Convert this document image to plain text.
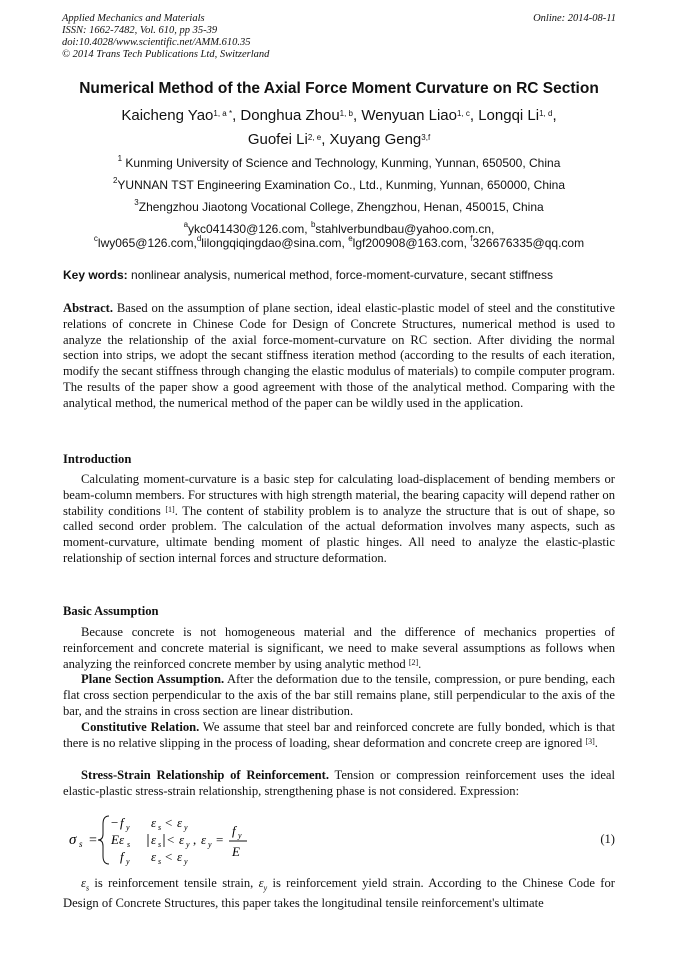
Applied Mechanics and Materials
ISSN: 1662-7482, Vol. 610, pp 35-39
doi:10.4028/www.scientific.net/AMM.610.35
© 2014 Trans Tech Publications Ltd, Switzerland
Online: 2014-08-11
Numerical Method of the Axial Force Moment Curvature on RC Section
Kaicheng Yao$^{1, a *}$, Donghua Zhou$^{1, b}$, Wenyuan Liao$^{1, c}$, Longqi Li$^{1, d}$,
Guofei Li$^{2, e}$, Xuyang Geng$^{3,f}$
$^1$ Kunming University of Science and Technology, Kunming, Yunnan, 650500, China
$^2$YUNNAN TST Engineering Examination Co., Ltd., Kunming, Yunnan, 650000, China
$^3$Zhengzhou Jiaotong Vocational College, Zhengzhou, Henan, 450015, China
$^a$ykc041430@126.com, $^b$stahlverbundbau@yahoo.com.cn,
$^c$lwy065@126.com,$^d$lilongqiqingdao@sina.com, $^e$lgf200908@163.com, $^f$326676335@qq.com
Key words: nonlinear analysis, numerical method, force-moment-curvature, secant stiffness
Abstract. Based on the assumption of plane section, ideal elastic-plastic model of steel and the constitutive relations of concrete in Chinese Code for Design of Concrete Structures, numerical method is used to analyze the relationship of the axial force-moment-curvature on RC section. After dividing the normal section into strips, we adopt the secant stiffness iteration method (according to the results of each iteration, modify the secant stiffness through changing the elastic modulus of materials) to compile computer program. The results of the paper show a good agreement with those of the analytical method. Comparing with the analytical method, the numerical method of the paper can be wildly used in the application.
Introduction
Calculating moment-curvature is a basic step for calculating load-displacement of bending members or beam-column members. For structures with high strength material, the bearing capacity will depend rather on stability conditions [1]. The content of stability problem is to analyze the structure that is out of shape, so called second order problem. The calculation of the actual deformation involves many aspects, such as moment-curvature, ultimate bending moment of plastic hinges. All need to analyze the elastic-plastic relationship of section internal forces and structure deformation.
Basic Assumption
Because concrete is not homogeneous material and the difference of mechanics properties of reinforcement and concrete material is significant, we need to make several assumptions as follows when analyzing the reinforced concrete member by using analytic method [2].
Plane Section Assumption. After the deformation due to the tensile, compression, or pure bending, each flat cross section perpendicular to the axis of the bar still remains plane, still perpendicular to the axis of the bar, and the strains in cross section are linear distribution.
Constitutive Relation. We assume that steel bar and reinforced concrete are fully bonded, which is that there is no relative slipping in the process of loading, shear deformation and concrete creep are ignored [3].
Stress-Strain Relationship of Reinforcement. Tension or compression reinforcement uses the ideal elastic-plastic stress-strain relationship, strengthening phase is not considered. Expression:
σ s =
− f y ε s < ε y
Eε s ε s < ε y , ε y =
f y
E
f y ε s < ε y
(1)
$\varepsilon_s$ is reinforcement tensile strain, $\varepsilon_y$ is reinforcement yield strain. According to the Chinese Code for Design of Concrete Structures, this paper takes the longitudinal tensile reinforcement's ultimate
